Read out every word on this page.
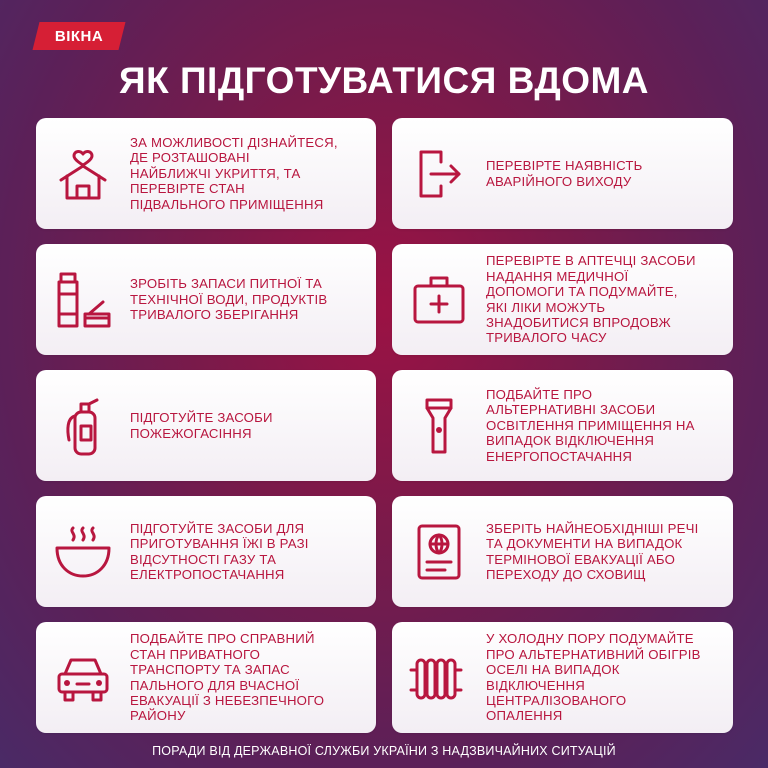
ВІКНА
ЯК ПІДГОТУВАТИСЯ ВДОМА
ЗА МОЖЛИВОСТІ ДІЗНАЙТЕСЯ,
ДЕ РОЗТАШОВАНІ
НАЙБЛИЖЧІ УКРИТТЯ, ТА
ПЕРЕВІРТЕ СТАН
ПІДВАЛЬНОГО ПРИМІЩЕННЯ
ПЕРЕВІРТЕ НАЯВНІСТЬ
АВАРІЙНОГО ВИХОДУ
ЗРОБІТЬ ЗАПАСИ ПИТНОЇ ТА
ТЕХНІЧНОЇ ВОДИ, ПРОДУКТІВ
ТРИВАЛОГО ЗБЕРІГАННЯ
ПЕРЕВІРТЕ В АПТЕЧЦІ ЗАСОБИ
НАДАННЯ МЕДИЧНОЇ
ДОПОМОГИ ТА ПОДУМАЙТЕ,
ЯКІ ЛІКИ МОЖУТЬ
ЗНАДОБИТИСЯ ВПРОДОВЖ
ТРИВАЛОГО ЧАСУ
ПІДГОТУЙТЕ ЗАСОБИ
ПОЖЕЖОГАСІННЯ
ПОДБАЙТЕ ПРО
АЛЬТЕРНАТИВНІ ЗАСОБИ
ОСВІТЛЕННЯ ПРИМІЩЕННЯ НА
ВИПАДОК ВІДКЛЮЧЕННЯ
ЕНЕРГОПОСТАЧАННЯ
ПІДГОТУЙТЕ ЗАСОБИ ДЛЯ
ПРИГОТУВАННЯ ЇЖІ В РАЗІ
ВІДСУТНОСТІ ГАЗУ ТА
ЕЛЕКТРОПОСТАЧАННЯ
ЗБЕРІТЬ НАЙНЕОБХІДНІШІ РЕЧІ
ТА ДОКУМЕНТИ НА ВИПАДОК
ТЕРМІНОВОЇ ЕВАКУАЦІЇ АБО
ПЕРЕХОДУ ДО СХОВИЩ
ПОДБАЙТЕ ПРО СПРАВНИЙ
СТАН ПРИВАТНОГО
ТРАНСПОРТУ ТА ЗАПАС
ПАЛЬНОГО ДЛЯ ВЧАСНОЇ
ЕВАКУАЦІЇ З НЕБЕЗПЕЧНОГО
РАЙОНУ
У ХОЛОДНУ ПОРУ ПОДУМАЙТЕ
ПРО АЛЬТЕРНАТИВНИЙ ОБІГРІВ
ОСЕЛІ НА ВИПАДОК
ВІДКЛЮЧЕННЯ
ЦЕНТРАЛІЗОВАНОГО
ОПАЛЕННЯ
ПОРАДИ ВІД ДЕРЖАВНОЇ СЛУЖБИ УКРАЇНИ З НАДЗВИЧАЙНИХ СИТУАЦІЙ
